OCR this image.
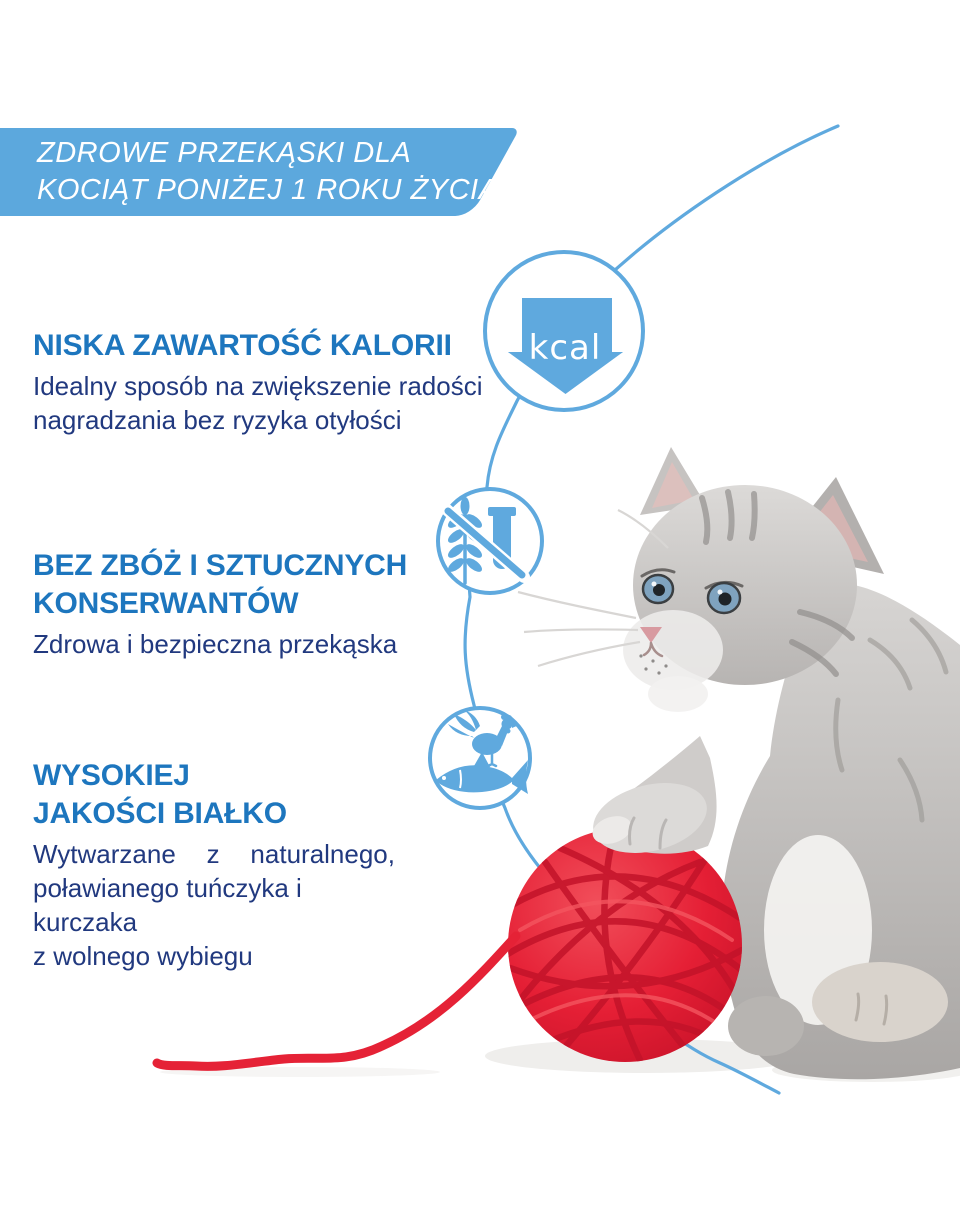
ZDROWE PRZEKĄSKI DLA
KOCIĄT PONIŻEJ 1 ROKU ŻYCIA
NISKA ZAWARTOŚĆ KALORII
Idealny sposób na zwiększenie radości
nagradzania bez ryzyka otyłości
BEZ ZBÓŻ I SZTUCZNYCH
KONSERWANTÓW
Zdrowa i bezpieczna przekąska
WYSOKIEJ
JAKOŚCI BIAŁKO
Wytwarzane z naturalnego,
poławianego tuńczyka i kurczaka
z wolnego wybiegu
kcal
